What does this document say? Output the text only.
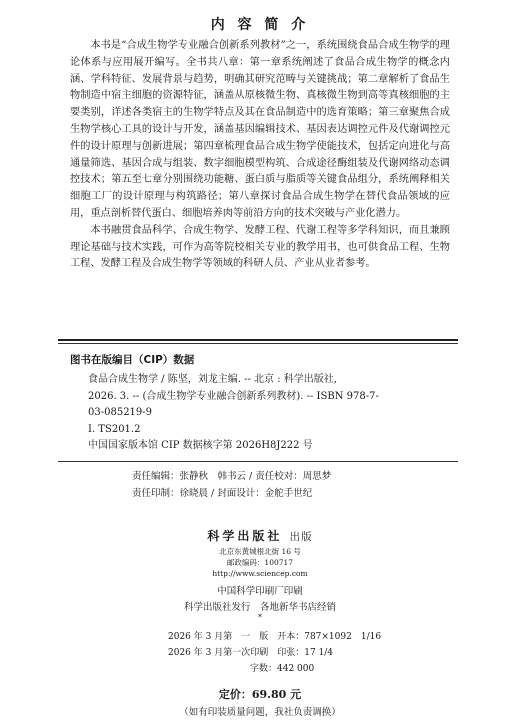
内 容 简 介

本书是“合成生物学专业融合创新系列教材”之一，系统围绕食品合成生物学的理论体系与应用展开编写。全书共八章：第一章系统阐述了食品合成生物学的概念内涵、学科特征、发展背景与趋势，明确其研究范畴与关键挑战；第二章解析了食品生物制造中宿主细胞的资源特征，涵盖从原核微生物、真核微生物到高等真核细胞的主要类别，详述各类宿主的生物学特点及其在食品制造中的选育策略；第三章聚焦合成生物学核心工具的设计与开发，涵盖基因编辑技术、基因表达调控元件及代谢调控元件的设计原理与创新进展；第四章梳理食品合成生物学使能技术，包括定向进化与高通量筛选、基因合成与组装、数字细胞模型构筑、合成途径酶组装及代谢网络动态调控技术；第五至七章分别围绕功能糖、蛋白质与脂质等关键食品组分，系统阐释相关细胞工厂的设计原理与构筑路径；第八章探讨食品合成生物学在替代食品领域的应用，重点剖析替代蛋白、细胞培养肉等前沿方向的技术突破与产业化潜力。

本书融贯食品科学、合成生物学、发酵工程、代谢工程等多学科知识，而且兼顾理论基础与技术实践，可作为高等院校相关专业的教学用书，也可供食品工程、生物工程、发酵工程及合成生物学等领域的科研人员、产业从业者参考。

图书在版编目（CIP）数据
食品合成生物学 / 陈坚，刘龙主编. -- 北京 : 科学出版社,
2026. 3. -- (合成生物学专业融合创新系列教材). -- ISBN 978-7-
03-085219-9
Ⅰ. TS201.2
中国国家版本馆 CIP 数据核字第 2026H8J222 号
责任编辑：张静秋　韩书云 / 责任校对：周思梦
责任印制：徐晓晨 / 封面设计：金舵手世纪
科学出版社 出版
北京东黄城根北街 16 号
邮政编码：100717
http://www.sciencep.com
中国科学印刷厂印刷
科学出版社发行　各地新华书店经销
*
2026 年 3 月第　一　版　开本：787×1092　1/16
2026 年 3 月第一次印刷　印张：17 1/4
字数：442 000
定价：69.80 元
（如有印装质量问题，我社负责调换）
